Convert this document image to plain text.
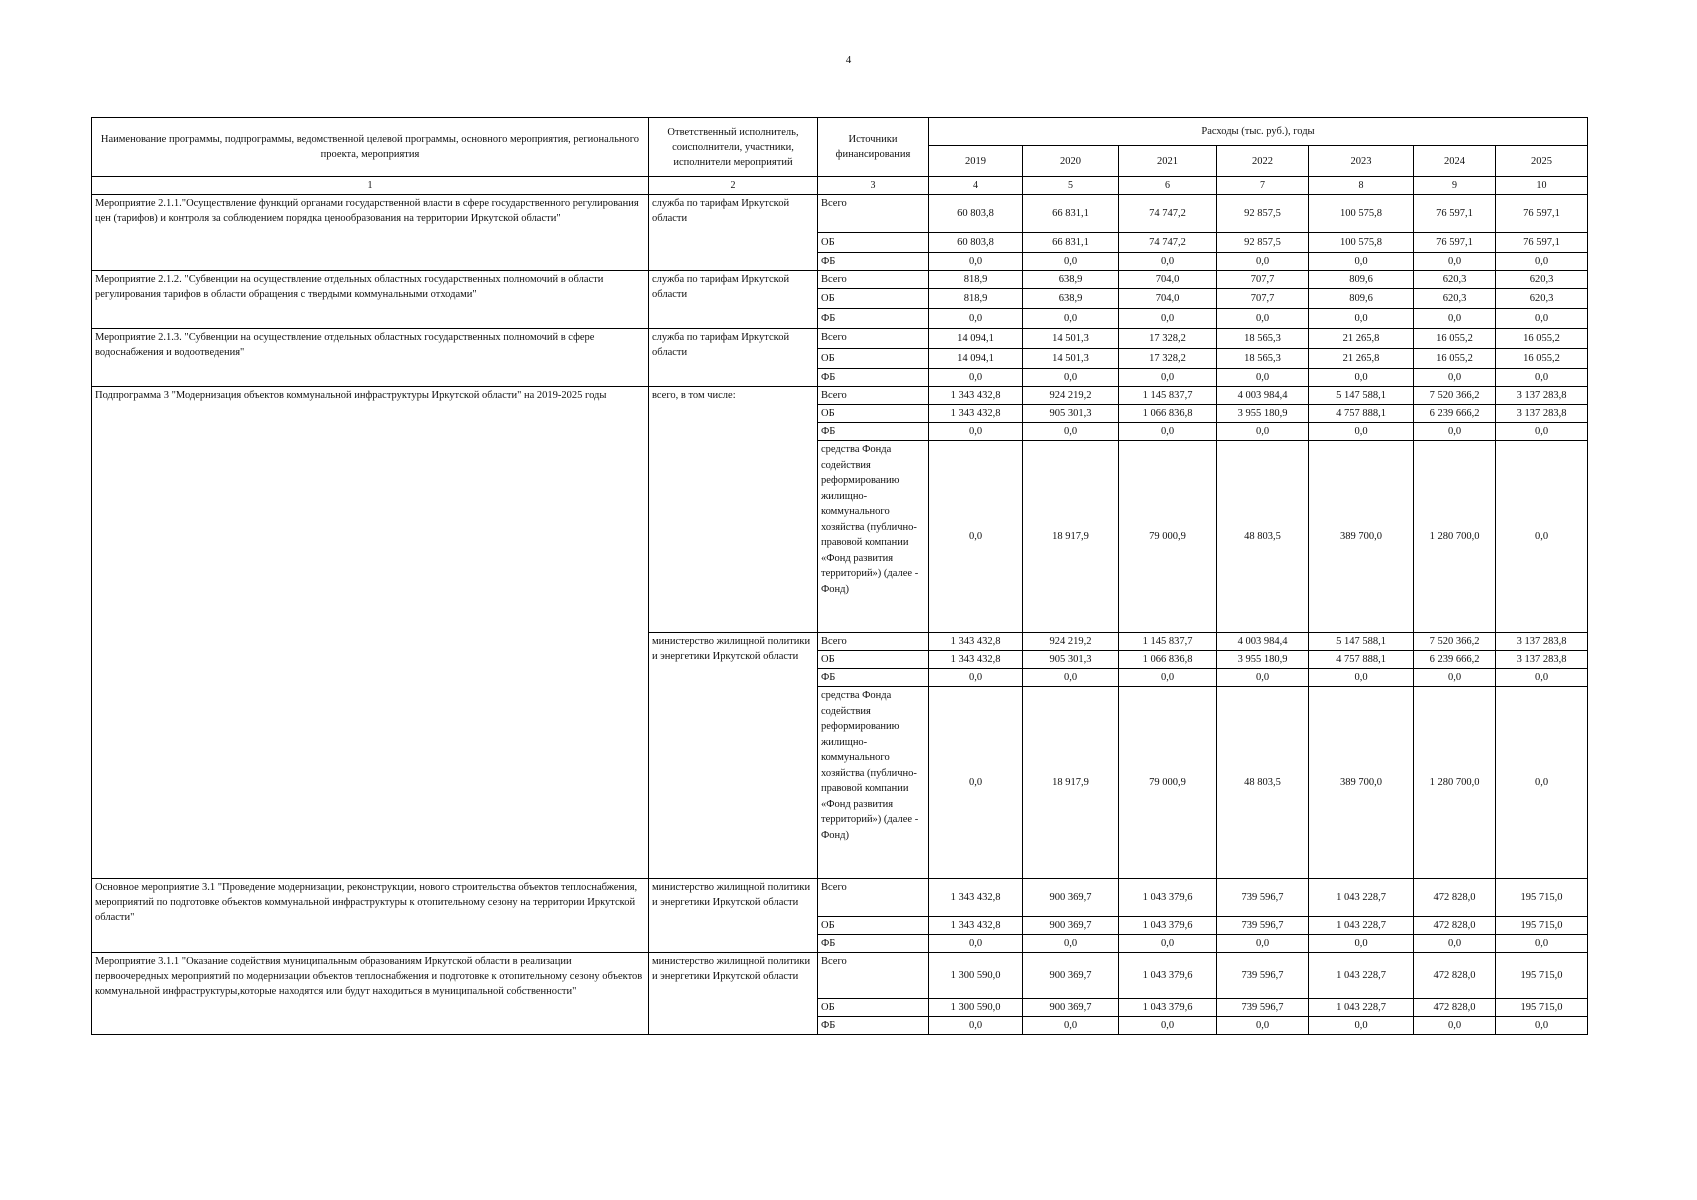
4
Наименование программы, подпрограммы, ведомственной целевой программы, основного мероприятия, регионального проекта, мероприятия	Ответственный исполнитель, соисполнители, участники, исполнители мероприятий	Источники финансирования	Расходы (тыс. руб.), годы						
			2019	2020	2021	2022	2023	2024	2025
1	2	3	4	5	6	7	8	9	10
Мероприятие 2.1.1."Осуществление функций органами государственной власти в сфере государственного регулирования цен (тарифов) и контроля за соблюдением порядка ценообразования на территории Иркутской области"	служба по тарифам Иркутской области	Всего	60 803,8	66 831,1	74 747,2	92 857,5	100 575,8	76 597,1	76 597,1
		ОБ	60 803,8	66 831,1	74 747,2	92 857,5	100 575,8	76 597,1	76 597,1
		ФБ	0,0	0,0	0,0	0,0	0,0	0,0	0,0
Мероприятие 2.1.2. "Субвенции на осуществление отдельных областных государственных полномочий в области регулирования тарифов в области обращения с твердыми коммунальными отходами"	служба по тарифам Иркутской области	Всего	818,9	638,9	704,0	707,7	809,6	620,3	620,3
		ОБ	818,9	638,9	704,0	707,7	809,6	620,3	620,3
		ФБ	0,0	0,0	0,0	0,0	0,0	0,0	0,0
Мероприятие 2.1.3. "Субвенции на осуществление отдельных областных государственных полномочий в сфере водоснабжения и водоотведения"	служба по тарифам Иркутской области	Всего	14 094,1	14 501,3	17 328,2	18 565,3	21 265,8	16 055,2	16 055,2
		ОБ	14 094,1	14 501,3	17 328,2	18 565,3	21 265,8	16 055,2	16 055,2
		ФБ	0,0	0,0	0,0	0,0	0,0	0,0	0,0
Подпрограмма 3 "Модернизация объектов коммунальной инфраструктуры Иркутской области" на 2019-2025 годы	всего, в том числе:	Всего	1 343 432,8	924 219,2	1 145 837,7	4 003 984,4	5 147 588,1	7 520 366,2	3 137 283,8
		ОБ	1 343 432,8	905 301,3	1 066 836,8	3 955 180,9	4 757 888,1	6 239 666,2	3 137 283,8
		ФБ	0,0	0,0	0,0	0,0	0,0	0,0	0,0
		средства Фонда содействия реформированию жилищно-коммунального хозяйства (публично-правовой компании «Фонд развития территорий») (далее - Фонд)	0,0	18 917,9	79 000,9	48 803,5	389 700,0	1 280 700,0	0,0
	министерство жилищной политики и энергетики Иркутской области	Всего	1 343 432,8	924 219,2	1 145 837,7	4 003 984,4	5 147 588,1	7 520 366,2	3 137 283,8
		ОБ	1 343 432,8	905 301,3	1 066 836,8	3 955 180,9	4 757 888,1	6 239 666,2	3 137 283,8
		ФБ	0,0	0,0	0,0	0,0	0,0	0,0	0,0
		средства Фонда содействия реформированию жилищно-коммунального хозяйства (публично-правовой компании «Фонд развития территорий») (далее - Фонд)	0,0	18 917,9	79 000,9	48 803,5	389 700,0	1 280 700,0	0,0
Основное мероприятие 3.1 "Проведение модернизации, реконструкции, нового строительства объектов теплоснабжения, мероприятий по подготовке объектов коммунальной инфраструктуры к отопительному сезону на территории Иркутской области"	министерство жилищной политики и энергетики Иркутской области	Всего	1 343 432,8	900 369,7	1 043 379,6	739 596,7	1 043 228,7	472 828,0	195 715,0
		ОБ	1 343 432,8	900 369,7	1 043 379,6	739 596,7	1 043 228,7	472 828,0	195 715,0
		ФБ	0,0	0,0	0,0	0,0	0,0	0,0	0,0
Мероприятие 3.1.1 "Оказание содействия муниципальным образованиям Иркутской области в реализации первоочередных мероприятий по модернизации объектов теплоснабжения и подготовке к отопительному сезону объектов коммунальной инфраструктуры,которые находятся или будут находиться в муниципальной собственности"	министерство жилищной политики и энергетики Иркутской области	Всего	1 300 590,0	900 369,7	1 043 379,6	739 596,7	1 043 228,7	472 828,0	195 715,0
		ОБ	1 300 590,0	900 369,7	1 043 379,6	739 596,7	1 043 228,7	472 828,0	195 715,0
		ФБ	0,0	0,0	0,0	0,0	0,0	0,0	0,0
